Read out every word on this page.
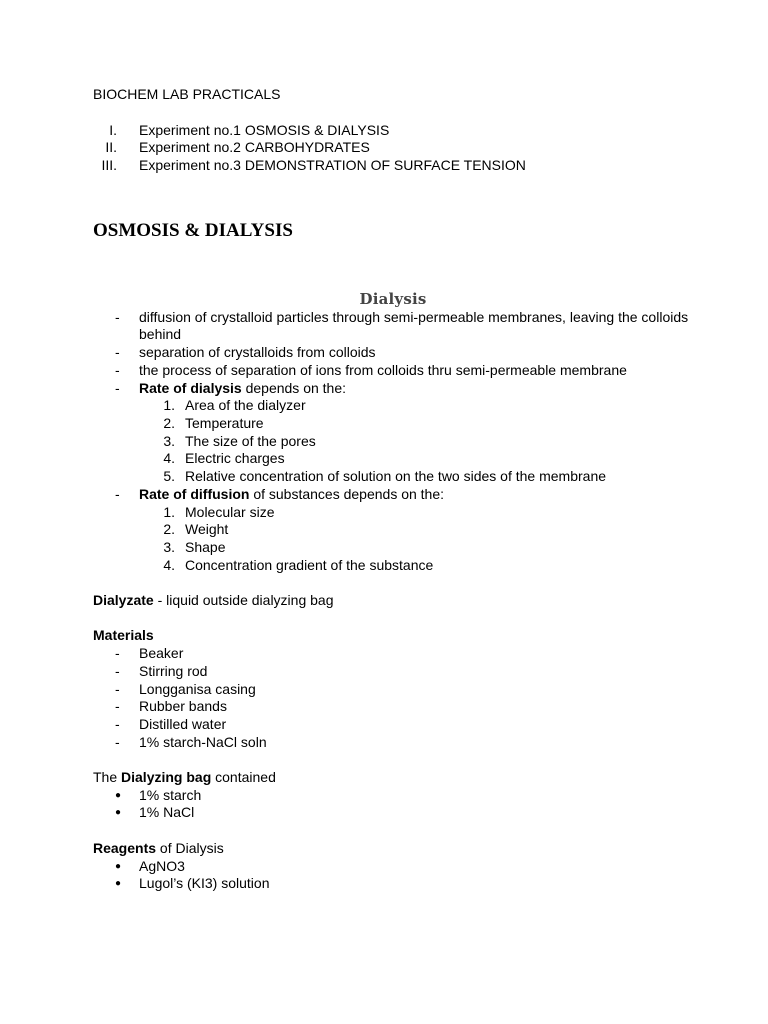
BIOCHEM LAB PRACTICALS
I. Experiment no.1 OSMOSIS & DIALYSIS
II. Experiment no.2 CARBOHYDRATES
III. Experiment no.3 DEMONSTRATION OF SURFACE TENSION
OSMOSIS & DIALYSIS
Dialysis
- diffusion of crystalloid particles through semi-permeable membranes, leaving the colloids behind
- separation of crystalloids from colloids
- the process of separation of ions from colloids thru semi-permeable membrane
- Rate of dialysis depends on the:
1. Area of the dialyzer
2. Temperature
3. The size of the pores
4. Electric charges
5. Relative concentration of solution on the two sides of the membrane
- Rate of diffusion of substances depends on the:
1. Molecular size
2. Weight
3. Shape
4. Concentration gradient of the substance
Dialyzate - liquid outside dialyzing bag
Materials
- Beaker
- Stirring rod
- Longganisa casing
- Rubber bands
- Distilled water
- 1% starch-NaCl soln
The Dialyzing bag contained
● 1% starch
● 1% NaCl
Reagents of Dialysis
● AgNO3
● Lugol’s (KI3) solution
